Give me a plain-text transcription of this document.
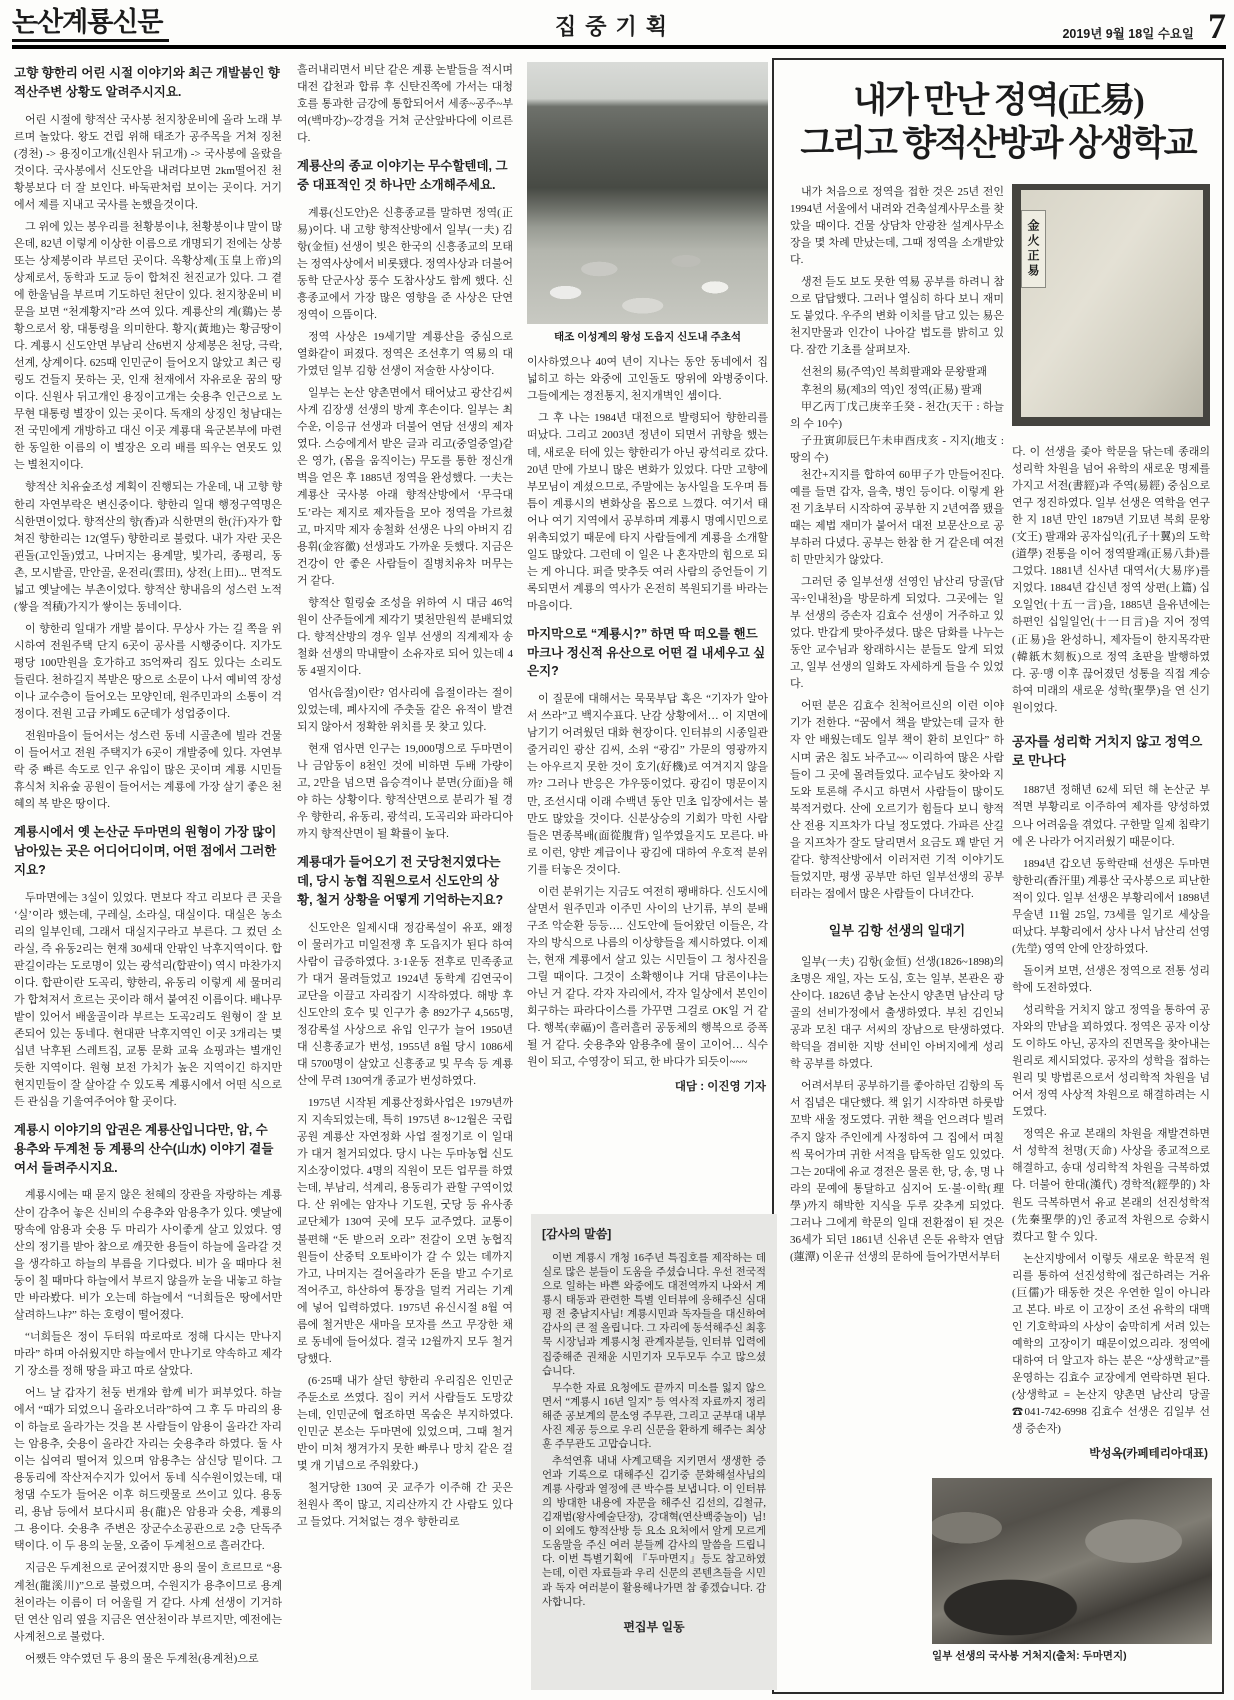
논산계룡신문	집중기획	2019년 9월 18일 수요일 7

고향 향한리 어린 시절 이야기와 최근 개발붐인 향적산주변 상황도 알려주시지요.

어린 시절에 향적산 국사봉 천지창운비에 올라 노래 부르며 놀았다. 왕도 건립 위해 태조가 공주목을 거쳐 징천(경천) -> 용징이고개(신원사 뒤고개) -> 국사봉에 올랐을 것이다. 국사봉에서 신도안을 내려다보면 2km떨어진 천황봉보다 더 잘 보인다. 바둑판처럼 보이는 곳이다. 거기에서 제를 지내고 국사를 논했을것이다.

그 위에 있는 봉우리를 천황봉이냐, 천황봉이냐 말이 많은데, 82년 이렇게 이상한 이름으로 개명되기 전에는 상봉 또는 상제봉이라 부르던 곳이다. 옥황상제(玉皇上帝)의 상제로서, 동학과 도교 등이 합쳐진 천진교가 있다. 그 곁에 한울님을 부르며 기도하던 천단이 있다. 천지창운비 비문을 보면 “천계황지”라 쓰여 있다. 계룡산의 계(鷄)는 봉황으로서 왕, 대통령을 의미한다. 황지(黃地)는 황금땅이다. 계룡시 신도안면 부남리 산6번지 상제봉은 천당, 극락, 선계, 상계이다. 625때 인민군이 들어오지 않았고 최근 링링도 건들지 못하는 곳, 인재 천재에서 자유로운 꿈의 땅이다. 신원사 뒤고개인 용징이고개는 숫용추 인근으로 노무현 대통령 별장이 있는 곳이다. 독재의 상징인 청남대는 전 국민에게 개방하고 대신 이곳 계룡대 육군본부에 마련한 동일한 이름의 이 별장은 오리 배를 띄우는 연못도 있는 별천지이다.

향적산 치유숲조성 계획이 진행되는 가운데, 내 고향 향한리 자연부락은 변신중이다. 향한리 일대 행정구역명은 식한면이었다. 향적산의 향(香)과 식한면의 한(汗)자가 합쳐진 향한리는 12(열두) 향한리로 불렸다. 내가 자란 곳은 괸돌(고인돌)였고, 나머지는 용계말, 빛가리, 종평리, 동촌, 모시밭골, 만안골, 운전리(雲田), 상전(上田)... 면적도 넓고 옛날에는 부촌이었다. 향적산 향내음의 성스런 노적(쌓을 적積)가지가 쌓이는 동네이다.

이 향한리 일대가 개발 붐이다. 무상사 가는 길 쪽을 위시하여 전원주택 단지 6곳이 공사를 시행중이다. 지가도 평당 100만원을 호가하고 35억짜리 집도 있다는 소리도 들린다. 천하길지 복받은 땅으로 소문이 나서 예비역 장성이나 교수층이 들어오는 모양인데, 원주민과의 소통이 걱정이다. 전원 고급 카페도 6군데가 성업중이다.

전원마을이 들어서는 성스런 동네 시골촌에 빌라 건물이 들어서고 전원 주택지가 6곳이 개발중에 있다. 자연부락 중 빠른 속도로 인구 유입이 많은 곳이며 계룡 시민들 휴식처 치유숲 공원이 들어서는 계룡에 가장 살기 좋은 천혜의 복 받은 땅이다.

계룡시에서 옛 논산군 두마면의 원형이 가장 많이 남아있는 곳은 어디어디이며, 어떤 점에서 그러한지요?

두마면에는 3실이 있었다. 면보다 작고 리보다 큰 곳을 ‘실’이라 했는데, 구레실, 소라실, 대실이다. 대실은 농소리의 일부인데, 그래서 대실지구라고 부른다. 그 컸던 소라실, 즉 유동2리는 현재 30세대 안팎인 낙후지역이다. 합판길이라는 도로명이 있는 광석리(합판이) 역시 마찬가지이다. 합판이란 도곡리, 향한리, 유동리 이렇게 세 물머리가 합쳐져서 흐르는 곳이라 해서 붙여진 이름이다. 배나무밭이 있어서 배울골이라 부르는 도곡2리도 원형이 잘 보존되어 있는 동네다. 현대판 낙후지역인 이곳 3개리는 몇 십년 낙후된 스레트집, 교통 문화 교육 쇼핑과는 별개인 듯한 지역이다. 원형 보전 가치가 높은 지역이긴 하지만 현지민들이 잘 살아갈 수 있도록 계룡시에서 어떤 식으로든 관심을 기울여주어야 할 곳이다.

계룡시 이야기의 압권은 계룡산입니다만, 암, 수 용추와 두계천 등 계룡의 산수(山水) 이야기 곁들여서 들려주시지요.

계룡시에는 때 묻지 않은 천혜의 장관을 자랑하는 계룡산이 감추어 놓은 신비의 수용추와 암용추가 있다. 옛날에 땅속에 암용과 숫용 두 마리가 사이좋게 살고 있었다. 영산의 정기를 받아 참으로 깨끗한 용들이 하늘에 올라갈 것을 생각하고 하늘의 부름을 기다렸다. 비가 올 때마다 천둥이 칠 때마다 하늘에서 부르지 않을까 눈을 내놓고 하늘만 바라봤다. 비가 오는데 하늘에서 “너희들은 땅에서만 살려하느냐?” 하는 호령이 떨어졌다.

“너희들은 정이 두터워 따로따로 정해 다시는 만나지 마라” 하며 아쉬웠지만 하늘에서 만나기로 약속하고 제각기 장소를 정해 땅을 파고 따로 살았다.

어느 날 갑자기 천둥 번개와 함께 비가 퍼부었다. 하늘에서 “때가 되었으니 올라오너라”하여 그 후 두 마리의 용이 하늘로 올라가는 것을 본 사람들이 암용이 올라간 자리는 암용추, 숫용이 올라간 자리는 숫용추라 하였다. 둘 사이는 십여리 떨어져 있으며 암용추는 삼신당 밑이다. 그 용동리에 작산저수지가 있어서 동네 식수원이었는데, 대청댐 수도가 들어온 이후 허드렛물로 쓰이고 있다. 용동리, 용남 등에서 보다시피 용(龍)은 암용과 숫용, 계룡의 그 용이다. 숫용추 주변은 장군수소공관으로 2층 단독주택이다. 이 두 용의 눈물, 오줌이 두계천으로 흘러간다.

지금은 두계천으로 굳어졌지만 용의 물이 흐르므로 “용계천(龍溪川)”으로 불렸으며, 수원지가 용추이므로 용계천이라는 이름이 더 어울릴 거 같다. 사계 선생이 기거하던 연산 임리 옆을 지금은 연산천이라 부르지만, 예전에는 사계천으로 불렸다.

어쨌든 약수였던 두 용의 물은 두계천(용계천)으로

흘러내리면서 비단 같은 계룡 논밭들을 적시며 대전 갑천과 합류 후 신탄진쪽에 가서는 대청호를 통과한 금강에 통합되어서 세종~공주~부여(백마강)~강경을 거쳐 군산앞바다에 이르른다.

계룡산의 종교 이야기는 무수할텐데, 그 중 대표적인 것 하나만 소개해주세요.

계룡(신도안)은 신흥종교를 말하면 정역(正易)이다. 내 고향 향적산방에서 일부(一夫) 김항(金恒) 선생이 빚은 한국의 신흥종교의 모태는 정역사상에서 비롯됐다. 정역사상과 더불어 동학 단군사상 풍수 도참사상도 함께 했다. 신흥종교에서 가장 많은 영향을 준 사상은 단연 정역이 으뜸이다.

정역 사상은 19세기말 계룡산을 중심으로 열화같이 퍼졌다. 정역은 조선후기 역易의 대가였던 일부 김항 선생이 저술한 사상이다.

일부는 논산 양촌면에서 태어났고 광산김씨 사계 김장생 선생의 방계 후손이다. 일부는 최수운, 이응규 선생과 더불어 연담 선생의 제자였다. 스승에게서 받은 글과 리고(중얼중얼)같은 영가, (몸을 움직이는) 무도를 통한 정신개벽을 얻은 후 1885년 정역을 완성했다. 一夫는 계룡산 국사봉 아래 향적산방에서 ‘무극대도’라는 제지로 제자들을 모아 정역을 가르쳤고, 마지막 제자 송철화 선생은 나의 아버지 김용휘(金容徽) 선생과도 가까운 듯했다. 지금은 건강이 안 좋은 사람들이 질병치유차 머무는 거 같다.

향적산 힐링숲 조성을 위하여 시 대금 46억 원이 산주들에게 제각기 몇천만원씩 분배되었다. 향적산방의 경우 일부 선생의 직계제자 송철화 선생의 막내딸이 소유자로 되어 있는데 4동 4필지이다.

엄사(음절)이란? 엄사리에 음절이라는 절이 있었는데, 폐사지에 주춧돌 같은 유적이 발견되지 않아서 정확한 위치를 못 찾고 있다.

현재 엄사면 인구는 19,000명으로 두마면이나 금암동이 8천인 것에 비하면 두배 가량이고, 2만을 넘으면 읍승격이나 분면(分面)을 해야 하는 상황이다. 향적산면으로 분리가 될 경우 향한리, 유동리, 광석리, 도곡리와 파라디아까지 향적산면이 될 확률이 높다.

계룡대가 들어오기 전 굿당천지였다는데, 당시 농협 직원으로서 신도안의 상황, 철거 상황을 어떻게 기억하는지요?

신도안은 일제시대 정감록설이 유포, 왜정이 물러가고 미일전쟁 후 도읍지가 된다 하여 사람이 급증하였다. 3·1운동 전후로 민족종교가 대거 몰려들었고 1924년 동학계 김연국이 교단을 이끌고 자리잡기 시작하였다. 해방 후 신도안의 호수 및 인구가 총 892가구 4,565명, 정감록설 사상으로 유입 인구가 늘어 1950년대 신흥종교가 번성, 1955년 8월 당시 1086세대 5700명이 살았고 신흥종교 및 무속 등 계룡산에 무려 130여개 종교가 번성하였다.

1975년 시작된 계룡산정화사업은 1979년까지 지속되었는데, 특히 1975년 8~12월은 국립공원 계룡산 자연정화 사업 절정기로 이 일대가 대거 철거되었다. 당시 나는 두마농협 신도지소장이었다. 4명의 직원이 모든 업무를 하였는데, 부남리, 석계리, 용동리가 관할 구역이었다. 산 위에는 암자나 기도원, 굿당 등 유사종교단체가 130여 곳에 모두 교주였다. 교통이 불편해 “돈 받으러 오라” 전갈이 오면 농협직원들이 산중턱 오토바이가 갈 수 있는 데까지 가고, 나머지는 걸어올라가 돈을 받고 수기로 적어주고, 하산하여 통장을 덜컥 거리는 기계에 넣어 입력하였다. 1975년 유신시절 8월 여름에 철거반은 새마을 모자를 쓰고 무장한 채로 동네에 들어섰다. 결국 12월까지 모두 철거당했다.

(6·25때 내가 살던 향한리 우리집은 인민군주둔소로 쓰였다. 집이 커서 사람들도 도망갔는데, 인민군에 협조하면 목숨은 부지하였다. 인민군 본소는 두마면에 있었으며, 그때 철거반이 미처 챙겨가지 못한 빠루나 망치 같은 걸 몇 개 기념으로 주워왔다.)

철거당한 130여 곳 교주가 이주해 간 곳은 천원사 쪽이 많고, 지리산까지 간 사람도 있다고 들었다. 거처없는 경우 향한리로

태조 이성계의 왕성 도읍지 신도내 주초석

이사하였으나 40여 년이 지나는 동안 동네에서 집 넓히고 하는 와중에 고인돌도 땅위에 와병중이다. 그들에게는 경전통지, 천지개벽인 셈이다.

그 후 나는 1984년 대전으로 발령되어 향한리를 떠났다. 그리고 2003년 정년이 되면서 귀향을 했는데, 새로운 터에 있는 향한리가 아닌 광석리로 갔다. 20년 만에 가보니 많은 변화가 있었다. 다만 고향에 부모님이 계셨으므로, 주말에는 농사일을 도우며 틈틈이 계룡시의 변화상을 몸으로 느꼈다. 여기서 태어나 여기 지역에서 공부하며 계룡시 명예시민으로 위촉되었기 때문에 타지 사람들에게 계룡을 소개할 일도 많았다. 그런데 이 일은 나 혼자만의 힘으로 되는 게 아니다. 퍼즐 맞추듯 여러 사람의 증언들이 기록되면서 계룡의 역사가 온전히 복원되기를 바라는 마음이다.

마지막으로 “계룡시?” 하면 딱 떠오를 핸드마크나 정신적 유산으로 어떤 걸 내세우고 싶은지?

이 질문에 대해서는 묵묵부답 혹은 “기자가 알아서 쓰라”고 백지수표다. 난감 상황에서… 이 지면에 남기기 어려웠던 대화 현장이다. 인터뷰의 시종일관 줄거리인 광산 김씨, 소위 “광김” 가문의 영광까지는 아우르지 못한 것이 호기(好機)로 여겨지지 않을까? 그러나 반응은 갸우뚱이었다. 광김이 명문이지만, 조선시대 이래 수백년 동안 민초 입장에서는 불만도 많았을 것이다. 신분상승의 기회가 막힌 사람들은 면종복배(面從腹背) 일쑤였을지도 모른다. 바로 이런, 양반 계급이나 광김에 대하여 우호적 분위기를 터놓은 것이다.

이런 분위기는 지금도 여전히 팽배하다. 신도시에 살면서 원주민과 이주민 사이의 난기류, 부의 분배 구조 악순환 등등…. 신도안에 들어왔던 이들은, 각자의 방식으로 나름의 이상향들을 제시하였다. 이제는, 현재 계룡에서 살고 있는 시민들이 그 청사진을 그릴 때이다. 그것이 소확행이냐 거대 담론이냐는 아닌 거 같다. 각자 자리에서, 각자 일상에서 본인이 회구하는 파라다이스를 가꾸면 그걸로 OK일 거 같다. 행복(幸福)이 흘러흘러 공동체의 행복으로 증폭될 거 같다. 숫용추와 암용추에 물이 고이어… 식수원이 되고, 수영장이 되고, 한 바다가 되듯이~~~

대담 : 이진영 기자

[감사의 말씀]

이번 계룡시 개청 16주년 특집호를 제작하는 데 실로 많은 분들이 도움을 주셨습니다. 우선 전국적으로 일하는 바쁜 와중에도 대전역까지 나와서 계룡시 태동과 관련한 특별 인터뷰에 응해주신 심대평 전 충남지사님! 계룡시민과 독자들을 대신하여 감사의 큰 절 올립니다. 그 자리에 동석해주신 최홍묵 시장님과 계룡시청 관계자분들, 인터뷰 입력에 집중해준 권채윤 시민기자 모두모두 수고 많으셨습니다.

무수한 자료 요청에도 끝까지 미소를 잃지 않으면서 “계룡시 16년 일지” 등 역사적 자료까지 정리해준 공보계의 문소영 주무관, 그리고 군부대 내부 사진 제공 등으로 우리 신문을 환하게 해주는 최상훈 주무관도 고맙습니다.

추석연휴 내내 사계고택을 지키면서 생생한 증언과 기록으로 대해주신 김기중 문화해설사님의 계룡 사랑과 열정에 큰 박수를 보냅니다. 이 인터뷰의 방대한 내용에 자문을 해주신 김선의, 김철규, 김재범(왕사예술단장), 강대혁(연산백중놀이) 님! 이 외에도 향적산방 등 요소 요처에서 알게 모르게 도움말을 주신 여러 분들께 감사의 말씀을 드립니다. 이번 특별기획에 『두마면지』등도 참고하였는데, 이런 자료들과 우리 신문의 콘텐츠들을 시민과 독자 여러분이 활용해나가면 참 좋겠습니다. 감사합니다.

편집부 일동
내가 만난 정역(正易)
그리고 향적산방과 상생학교

내가 처음으로 정역을 접한 것은 25년 전인 1994년 서울에서 내려와 건축설계사무소를 찾았을 때이다. 건물 상담차 안광찬 설계사무소장을 몇 차례 만났는데, 그때 정역을 소개받았다.

생전 듣도 보도 못한 역易 공부를 하려니 참으로 답답했다. 그러나 열심히 하다 보니 재미도 붙었다. 우주의 변화 이치를 담고 있는 易은 천지만물과 인간이 나아갈 법도를 밝히고 있다. 잠깐 기초를 살펴보자.

선천의 易(주역)인 복희팔괘와 문왕팔괘

후천의 易(제3의 역)인 정역(正易) 팔괘

甲乙丙丁戊己庚辛壬癸 - 천간(天干 : 하늘의 수 10수)

子丑寅卯辰巳午未申酉戌亥 - 지지(地支 : 땅의 수)

천간+지지를 합하여 60甲子가 만들어진다. 예를 들면 갑자, 을축, 병인 등이다. 이렇게 완전 기초부터 시작하여 공부한 지 2년여쯤 됐을 때는 제법 재미가 붙어서 대전 보문산으로 공부하러 다녔다. 공부는 한참 한 거 같은데 여전히 만만치가 않았다.

그러던 중 일부선생 선영인 남산리 당골(담곡÷인내천)을 방문하게 되었다. 그곳에는 일부 선생의 증손자 김효수 선생이 거주하고 있었다. 반갑게 맞아주셨다. 많은 담화를 나누는 동안 교수님과 왕래하시는 분들도 알게 되었고, 일부 선생의 일화도 자세하게 들을 수 있었다.

어떤 분은 김효수 친척어르신의 이런 이야기가 전한다. “꿈에서 책을 받았는데 글자 한자 안 배웠는데도 일부 책이 환히 보인다” 하시며 굵은 침도 놔주고~~ 이리하여 많은 사람들이 그 곳에 몰려들었다. 교수님도 찾아와 지도와 토론해 주시고 하면서 사람들이 많이도 북적거렸다. 산에 오르기가 힘들다 보니 향적산 전용 지프차가 다닐 정도였다. 가파른 산길을 지프차가 잘도 달리면서 요금도 꽤 받던 거 같다. 향적산방에서 이러저런 기적 이야기도 들었지만, 평생 공부만 하던 일부선생의 공부터라는 점에서 많은 사람들이 다녀간다.

일부 김항 선생의 일대기

일부(一夫) 김항(金恒) 선생(1826~1898)의 초명은 재일, 자는 도심, 호는 일부, 본관은 광산이다. 1826년 충남 논산시 양촌면 남산리 당골의 선비가정에서 출생하였다. 부친 김인뇌공과 모친 대구 서씨의 장남으로 탄생하였다. 학덕을 겸비한 지방 선비인 아버지에게 성리학 공부를 하였다.

어려서부터 공부하기를 좋아하던 김항의 독서 집념은 대단했다. 책 읽기 시작하면 하룻밤 꼬박 새울 정도였다. 귀한 책을 언으려다 빌려주지 않자 주인에게 사정하여 그 집에서 며칠씩 묵어가며 귀한 서적을 탐독한 일도 있었다. 그는 20대에 유교 경전은 물론 한, 당, 송, 명 나라의 문예에 통달하고 심지어 도·불·이학(理學)까지 해박한 지식을 두루 갖추게 되었다. 그러나 그에게 학문의 일대 전환점이 된 것은 36세가 되던 1861년 신유년 은둔 유학자 연담(蓮潭) 이운규 선생의 문하에 들어가면서부터

金火正易

다. 이 선생을 좇아 학문을 닦는데 종래의 성리학 차원을 넘어 유학의 새로운 명제를 가지고 서전(書經)과 주역(易經) 중심으로 연구 정진하였다. 일부 선생은 역학을 연구한 지 18년 만인 1879년 기묘년 복희 문왕(文王) 팔괘와 공자십익(孔子十翼)의 도학(道學) 전통을 이어 정역팔괘(正易八卦)를 그었다. 1881년 신사년 대역서(大易序)를 지었다. 1884년 갑신년 정역 상편(上篇) 십오일언(十五一言)을, 1885년 을유년에는 하편인 십일일언(十一日言)을 지어 정역(正易)을 완성하니, 제자들이 한지목각판(韓紙木刻板)으로 정역 초판을 발행하였다. 공·맹 이후 끊어졌던 성통을 직접 계승하여 미래의 새로운 성학(聖學)을 연 신기원이었다.

공자를 성리학 거치지 않고 정역으로 만나다

1887년 정해년 62세 되던 해 논산군 부적면 부황리로 이주하여 제자를 양성하였으나 어려움을 겪었다. 구한말 일제 침략기에 온 나라가 어지러웠기 때문이다.

1894년 갑오년 동학란때 선생은 두마면 향한리(香汗里) 계룡산 국사봉으로 피난한 적이 있다. 일부 선생은 부황리에서 1898년 무술년 11월 25일, 73세를 일기로 세상을 떠났다. 부황리에서 상사 나서 남산리 선영(先塋) 영역 안에 안장하였다.

돌이켜 보면, 선생은 정역으로 전통 성리학에 도전하였다.

성리학을 거치지 않고 정역을 통하여 공자와의 만남을 꾀하였다. 정역은 공자 이상도 이하도 아닌, 공자의 진면목을 찾아내는 원리로 제시되었다. 공자의 성학을 접하는 원리 및 방법론으로서 성리학적 차원을 넘어서 정역 사상적 차원으로 해결하려는 시도였다.

정역은 유교 본래의 차원을 재발견하면서 성학적 천명(天命) 사상을 종교적으로 해결하고, 송대 성리학적 차원을 극복하였다. 더불어 한대(漢代) 경학적(經學的) 차원도 극복하면서 유교 본래의 선진성학적(先秦聖學的)인 종교적 차원으로 승화시켰다고 할 수 있다.

논산지방에서 이렇듯 새로운 학문적 원리를 통하여 선진성학에 접근하려는 거유(巨儒)가 태동한 것은 우연한 일이 아니라고 본다. 바로 이 고장이 조선 유학의 대맥인 기호학파의 사상이 숨막히게 서려 있는 예학의 고장이기 때문이었으리라. 정역에 대하여 더 알고자 하는 분은 “상생학교”를 운영하는 김효수 교장에게 연락하면 된다. (상생학교 = 논산지 양촌면 남산리 당골 ☎041-742-6998 김효수 선생은 김일부 선생 증손자)

박성옥(카페테리아대표)

일부 선생의 국사봉 거처지(출처: 두마면지)
